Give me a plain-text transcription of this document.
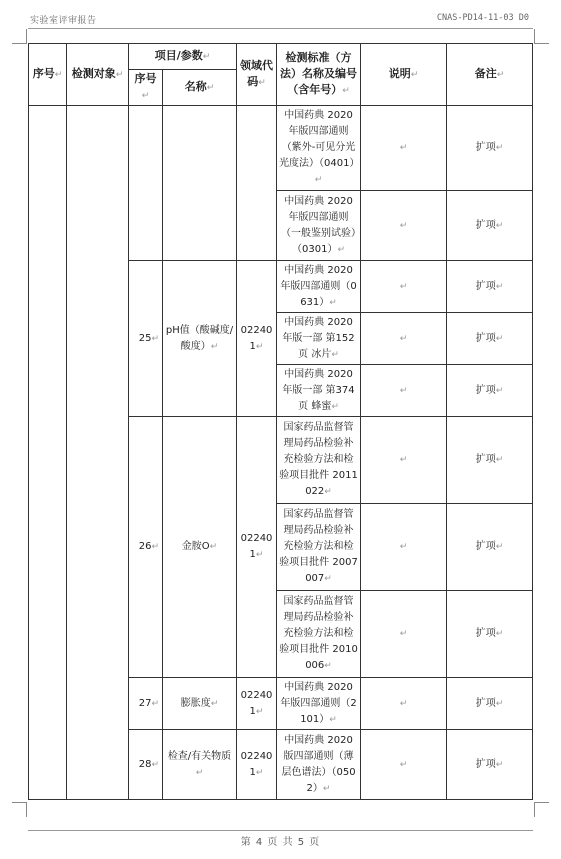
实验室评审报告	CNAS-PD14-11-03 D0
序号 ↵	检测对象 ↵	项目/参数 ↵		领域代码 ↵	检测标准（方法）名称及编号（含年号） ↵	说明 ↵	备注 ↵
		序号 ↵	名称 ↵
					中国药典 2020 年版四部通则（紫外-可见分光光度法）（0401） ↵	↵	扩项 ↵
					中国药典 2020 年版四部通则（一般鉴别试验）（0301） ↵	↵	扩项 ↵
		25 ↵	pH值（酸碱度/酸度） ↵	022401 ↵	中国药典 2020 年版四部通则（0631） ↵	↵	扩项 ↵
					中国药典 2020 年版一部 第152页 冰片 ↵	↵	扩项 ↵
					中国药典 2020 年版一部 第374页 蜂蜜 ↵	↵	扩项 ↵
		26 ↵	金胺O ↵	022401 ↵	国家药品监督管理局药品检验补充检验方法和检验项目批件 2011022 ↵	↵	扩项 ↵
					国家药品监督管理局药品检验补充检验方法和检验项目批件 2007007 ↵	↵	扩项 ↵
					国家药品监督管理局药品检验补充检验方法和检验项目批件 2010006 ↵	↵	扩项 ↵
		27 ↵	膨胀度 ↵	022401 ↵	中国药典 2020 年版四部通则（2101） ↵	↵	扩项 ↵
		28 ↵	检查/有关物质 ↵	022401 ↵	中国药典 2020 版四部通则（薄层色谱法）（0502） ↵	↵	扩项 ↵
第 4 页 共 5 页
